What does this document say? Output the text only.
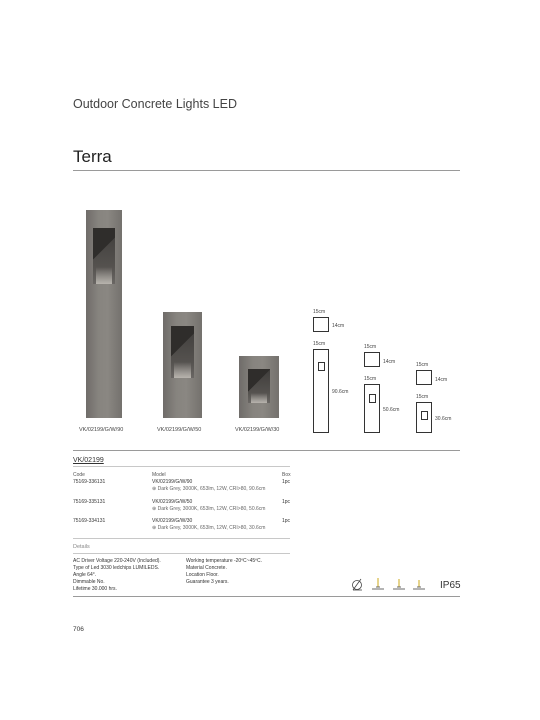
Outdoor Concrete Lights LED
Terra
VK/02199/G/W/90	VK/02199/G/W/50	VK/02199/G/W/30
15cm
14cm
15cm
90.6cm
15cm
14cm
15cm
50.6cm
15cm
14cm
15cm
30.6cm
VK/02199
Code	Model	Box
75169-336131	VK/02199/G/W/90	1pc
⊕ Dark Grey, 3000K, 653lm, 12W, CRI>80, 90.6cm
75169-335131	VK/02199/G/W/50	1pc
⊕ Dark Grey, 3000K, 653lm, 12W, CRI>80, 50.6cm
75169-334131	VK/02199/G/W/30	1pc
⊕ Dark Grey, 3000K, 653lm, 12W, CRI>80, 30.6cm
Details
AC Driver Voltage 220-240V (Included).
Type of Led 3030 ledchips LUMILEDS.
Angle 64°.
Dimmable No.
Lifetime 30.000 hrs.
Working temperature -20ºC~45ºC.
Material Concrete.
Location Floor.
Guarantee 3 years.	IP65
706
